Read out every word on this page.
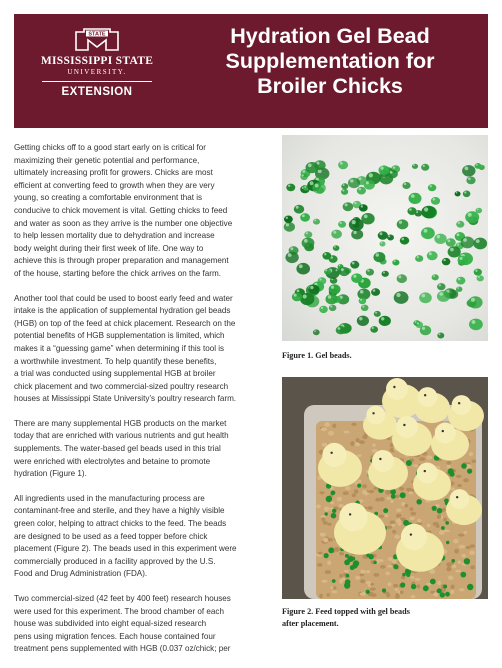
STATE
MISSISSIPPI STATE
UNIVERSITY.
EXTENSION
Hydration Gel Bead
Supplementation for
Broiler Chicks

Getting chicks off to a good start early on is critical for
maximizing their genetic potential and performance,
ultimately increasing profit for growers. Chicks are most
efficient at converting feed to growth when they are very
young, so creating a comfortable environment that is
conducive to chick movement is vital. Getting chicks to feed
and water as soon as they arrive is the number one objective
to help lessen mortality due to dehydration and increase
body weight during their first week of life. One way to
achieve this is through proper preparation and management
of the house, starting before the chick arrives on the farm.

Another tool that could be used to boost early feed and water
intake is the application of supplemental hydration gel beads
(HGB) on top of the feed at chick placement. Research on the
potential benefits of HGB supplementation is limited, which
makes it a “guessing game” when determining if this tool is
a worthwhile investment. To help quantify these benefits,
a trial was conducted using supplemental HGB at broiler
chick placement and two commercial-sized poultry research
houses at Mississippi State University’s poultry research farm.

There are many supplemental HGB products on the market
today that are enriched with various nutrients and gut health
supplements. The water-based gel beads used in this trial
were enriched with electrolytes and betaine to promote
hydration (Figure 1).

All ingredients used in the manufacturing process are
contaminant-free and sterile, and they have a highly visible
green color, helping to attract chicks to the feed. The beads
are designed to be used as a feed topper before chick
placement (Figure 2). The beads used in this experiment were
commercially produced in a facility approved by the U.S.
Food and Drug Administration (FDA).

Two commercial-sized (42 feet by 400 feet) research houses
were used for this experiment. The brood chamber of each
house was subdivided into eight equal-sized research
pens using migration fences. Each house contained four
treatment pens supplemented with HGB (0.037 oz/chick; per

Figure 1. Gel beads.
Figure 2. Feed topped with gel beads
after placement.
